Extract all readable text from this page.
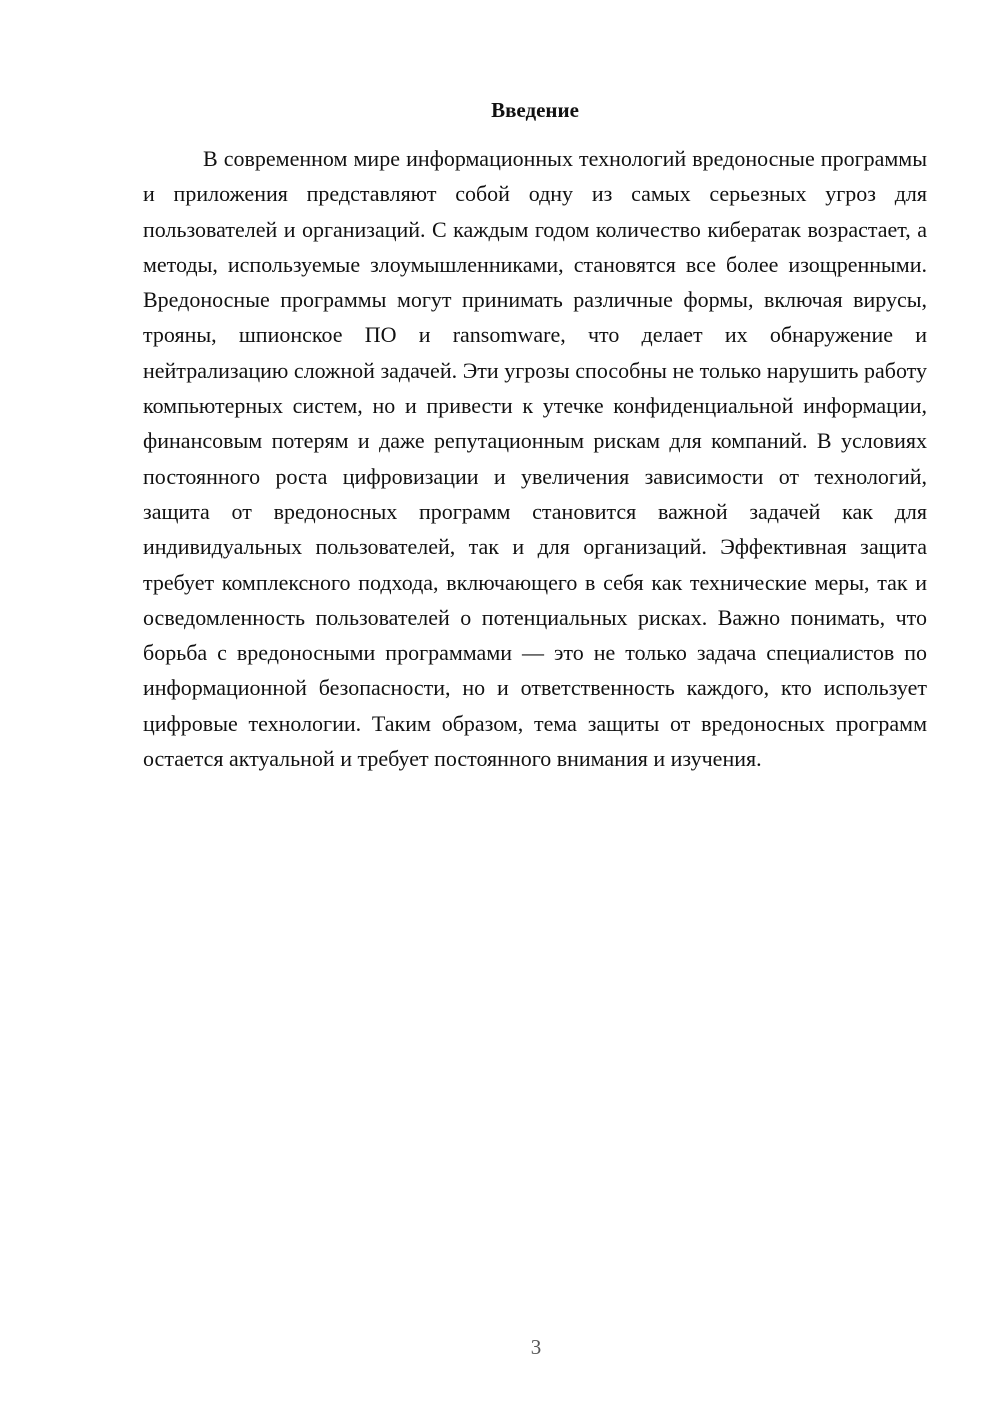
Введение

В современном мире информационных технологий вредоносные программы и приложения представляют собой одну из самых серьезных угроз для пользователей и организаций. С каждым годом количество кибератак возрастает, а методы, используемые злоумышленниками, становятся все более изощренными. Вредоносные программы могут принимать различные формы, включая вирусы, трояны, шпионское ПО и ransomware, что делает их обнаружение и нейтрализацию сложной задачей. Эти угрозы способны не только нарушить работу компьютерных систем, но и привести к утечке конфиденциальной информации, финансовым потерям и даже репутационным рискам для компаний. В условиях постоянного роста цифровизации и увеличения зависимости от технологий, защита от вредоносных программ становится важной задачей как для индивидуальных пользователей, так и для организаций. Эффективная защита требует комплексного подхода, включающего в себя как технические меры, так и осведомленность пользователей о потенциальных рисках. Важно понимать, что борьба с вредоносными программами — это не только задача специалистов по информационной безопасности, но и ответственность каждого, кто использует цифровые технологии. Таким образом, тема защиты от вредоносных программ остается актуальной и требует постоянного внимания и изучения.

3
